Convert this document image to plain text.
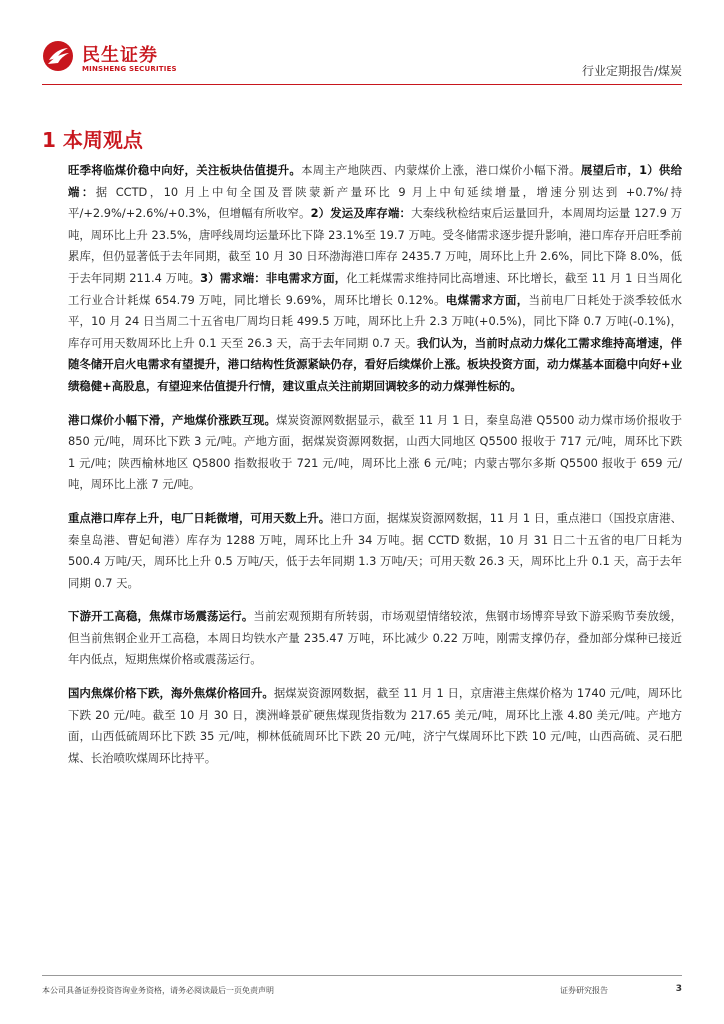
民生证券
MINSHENG SECURITIES	行业定期报告/煤炭
1 本周观点

旺季将临煤价稳中向好，关注板块估值提升。本周主产地陕西、内蒙煤价上涨，港口煤价小幅下滑。展望后市，1）供给端：据 CCTD，10 月上中旬全国及晋陕蒙新产量环比 9 月上中旬延续增量，增速分别达到 +0.7%/持平/+2.9%/+2.6%/+0.3%，但增幅有所收窄。2）发运及库存端：大秦线秋检结束后运量回升，本周周均运量 127.9 万吨，周环比上升 23.5%，唐呼线周均运量环比下降 23.1%至 19.7 万吨。受冬储需求逐步提升影响，港口库存开启旺季前累库，但仍显著低于去年同期，截至 10 月 30 日环渤海港口库存 2435.7 万吨，周环比上升 2.6%，同比下降 8.0%，低于去年同期 211.4 万吨。3）需求端：非电需求方面，化工耗煤需求维持同比高增速、环比增长，截至 11 月 1 日当周化工行业合计耗煤 654.79 万吨，同比增长 9.69%，周环比增长 0.12%。电煤需求方面，当前电厂日耗处于淡季较低水平，10 月 24 日当周二十五省电厂周均日耗 499.5 万吨，周环比上升 2.3 万吨(+0.5%)，同比下降 0.7 万吨(-0.1%)，库存可用天数周环比上升 0.1 天至 26.3 天，高于去年同期 0.7 天。我们认为，当前时点动力煤化工需求维持高增速，伴随冬储开启火电需求有望提升，港口结构性货源紧缺仍存，看好后续煤价上涨。板块投资方面，动力煤基本面稳中向好+业绩稳健+高股息，有望迎来估值提升行情，建议重点关注前期回调较多的动力煤弹性标的。

港口煤价小幅下滑，产地煤价涨跌互现。煤炭资源网数据显示，截至 11 月 1 日，秦皇岛港 Q5500 动力煤市场价报收于 850 元/吨，周环比下跌 3 元/吨。产地方面，据煤炭资源网数据，山西大同地区 Q5500 报收于 717 元/吨，周环比下跌 1 元/吨；陕西榆林地区 Q5800 指数报收于 721 元/吨，周环比上涨 6 元/吨；内蒙古鄂尔多斯 Q5500 报收于 659 元/吨，周环比上涨 7 元/吨。

重点港口库存上升，电厂日耗微增，可用天数上升。港口方面，据煤炭资源网数据，11 月 1 日，重点港口（国投京唐港、秦皇岛港、曹妃甸港）库存为 1288 万吨，周环比上升 34 万吨。据 CCTD 数据，10 月 31 日二十五省的电厂日耗为 500.4 万吨/天，周环比上升 0.5 万吨/天，低于去年同期 1.3 万吨/天；可用天数 26.3 天，周环比上升 0.1 天，高于去年同期 0.7 天。

下游开工高稳，焦煤市场震荡运行。当前宏观预期有所转弱，市场观望情绪较浓，焦钢市场博弈导致下游采购节奏放缓，但当前焦钢企业开工高稳，本周日均铁水产量 235.47 万吨，环比减少 0.22 万吨，刚需支撑仍存，叠加部分煤种已接近年内低点，短期焦煤价格或震荡运行。

国内焦煤价格下跌，海外焦煤价格回升。据煤炭资源网数据，截至 11 月 1 日，京唐港主焦煤价格为 1740 元/吨，周环比下跌 20 元/吨。截至 10 月 30 日，澳洲峰景矿硬焦煤现货指数为 217.65 美元/吨，周环比上涨 4.80 美元/吨。产地方面，山西低硫周环比下跌 35 元/吨，柳林低硫周环比下跌 20 元/吨，济宁气煤周环比下跌 10 元/吨，山西高硫、灵石肥煤、长治喷吹煤周环比持平。

本公司具备证券投资咨询业务资格，请务必阅读最后一页免责声明	证券研究报告	3
